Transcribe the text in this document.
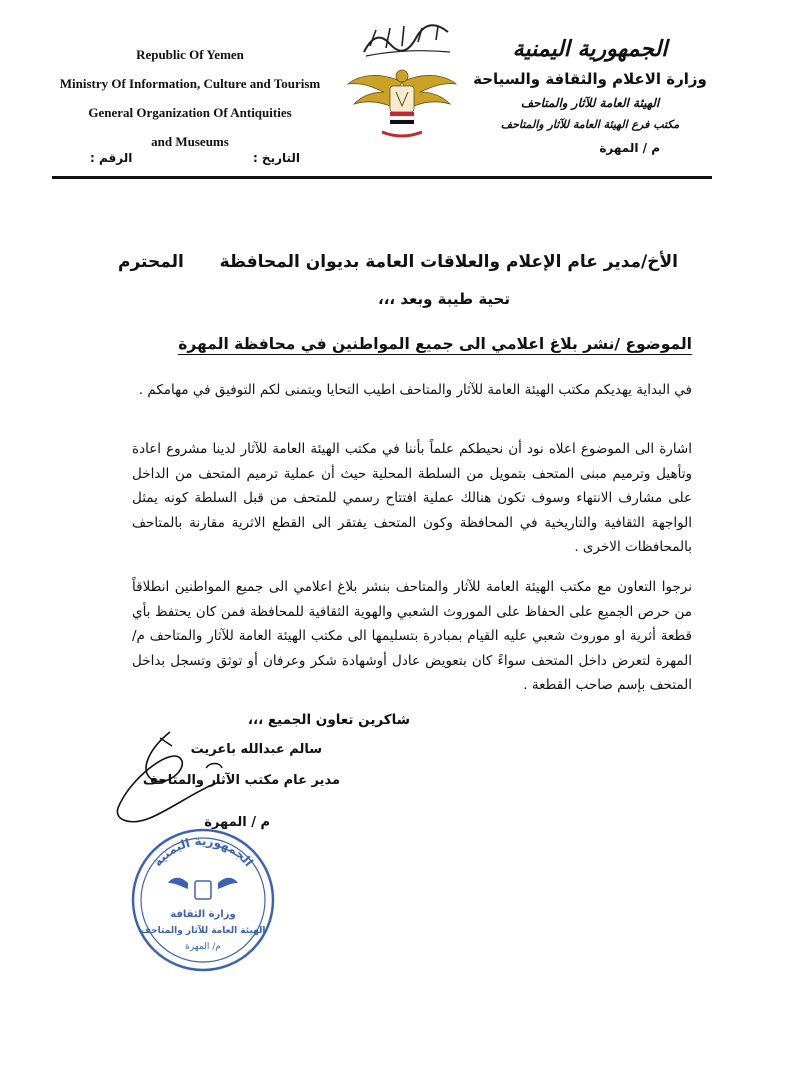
Republic Of Yemen
Ministry Of Information, Culture and Tourism
General Organization Of Antiquities
and Museums
الجمهورية اليمنية
وزارة الاعلام والثقافة والسياحة
الهيئة العامة للآثار والمتاحف
مكتب فرع الهيئة العامة للآثار والمتاحف
م / المهرة
التاريخ :
الرقم :
الأخ/مدير عام الإعلام والعلاقات العامة بديوان المحافظة
المحترم
تحية طيبة وبعد ،،،
الموضوع /نشر بلاغ اعلامي الى جميع المواطنين في محافظة المهرة
في البداية يهديكم مكتب الهيئة العامة للآثار والمتاحف اطيب التحايا ويتمنى لكم التوفيق في مهامكم .
اشارة الى الموضوع اعلاه نود أن نحيطكم علماً بأننا في مكتب الهيئة العامة للآثار لدينا مشروع اعادة وتأهيل وترميم مبنى المتحف بتمويل من السلطة المحلية حيث أن عملية ترميم المتحف من الداخل على مشارف الانتهاء وسوف تكون هنالك عملية افتتاح رسمي للمتحف من قبل السلطة كونه يمثل الواجهة الثقافية والتاريخية في المحافظة وكون المتحف يفتقر الى القطع الاثرية مقارنة بالمتاحف بالمحافظات الاخرى .
نرجوا التعاون مع مكتب الهيئة العامة للآثار والمتاحف بنشر بلاغ اعلامي الى جميع المواطنين انطلاقاً من حرص الجميع على الحفاظ على الموروث الشعبي والهوية الثقافية للمحافظة فمن كان يحتفظ بأي قطعة أثرية او موروث شعبي عليه القيام بمبادرة بتسليمها الى مكتب الهيئة العامة للآثار والمتاحف م/ المهرة لتعرض داخل المتحف سواءً كان بتعويض عادل أوشهادة شكر وعرفان أو توثق وتسجل بداخل المتحف بإسم صاحب القطعة .
شاكرين تعاون الجميع ،،،
سالم عبدالله باعريت
مدير عام مكتب الآثار والمتاحف
م / المهرة
الجمهورية اليمنية
وزارة الثقافة
الهيئة العامة للآثار والمتاحف
م/ المهرة
